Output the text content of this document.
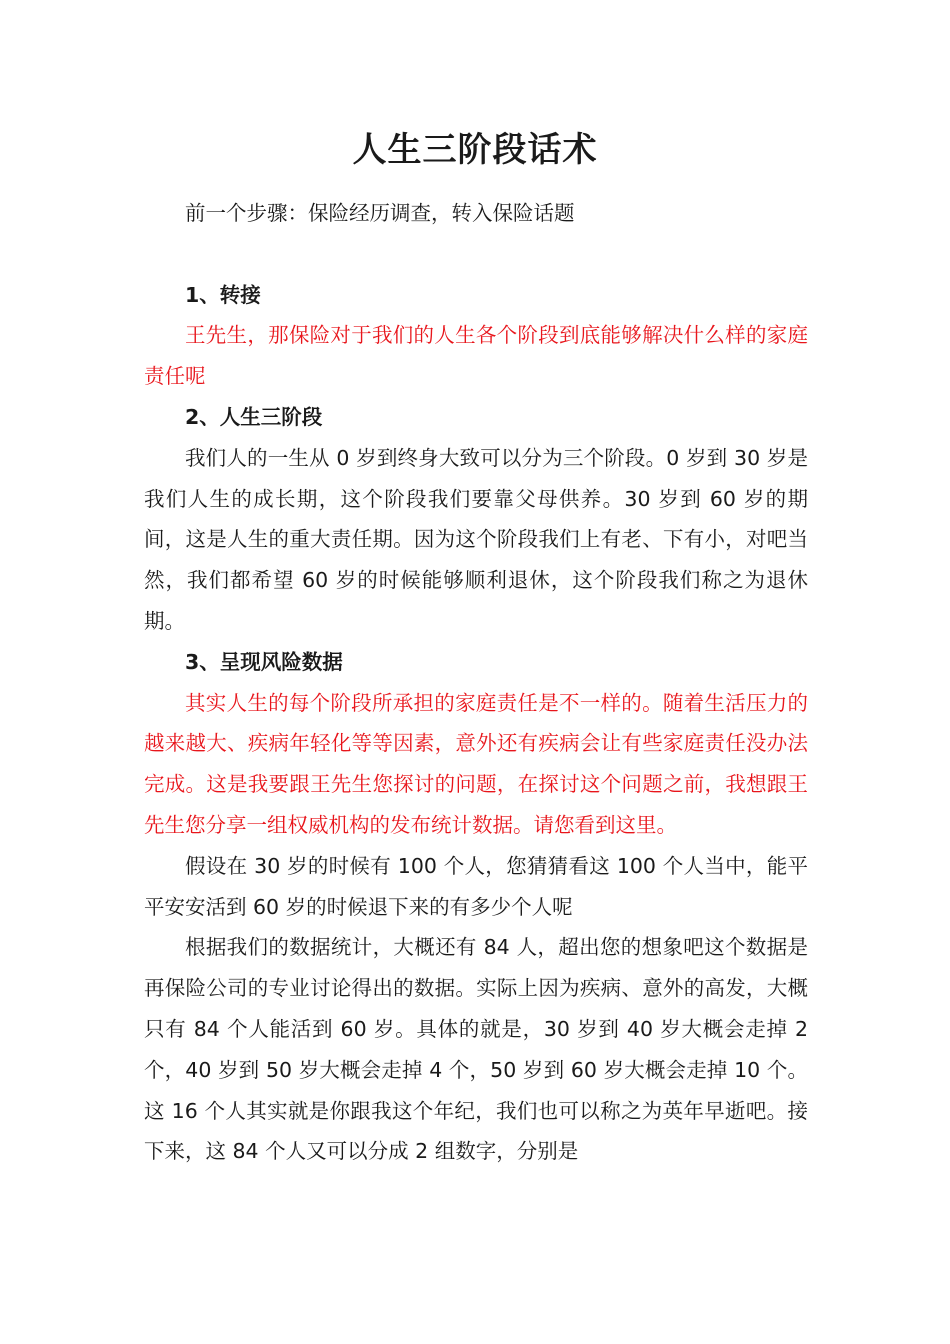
人生三阶段话术

前一个步骤：保险经历调查，转入保险话题

1、转接

王先生，那保险对于我们的人生各个阶段到底能够解决什么样的家庭责任呢

2、人生三阶段

我们人的一生从 0 岁到终身大致可以分为三个阶段。0 岁到 30 岁是我们人生的成长期，这个阶段我们要靠父母供养。30 岁到 60 岁的期间，这是人生的重大责任期。因为这个阶段我们上有老、下有小，对吧当然，我们都希望 60 岁的时候能够顺利退休，这个阶段我们称之为退休期。

3、呈现风险数据

其实人生的每个阶段所承担的家庭责任是不一样的。随着生活压力的越来越大、疾病年轻化等等因素，意外还有疾病会让有些家庭责任没办法完成。这是我要跟王先生您探讨的问题，在探讨这个问题之前，我想跟王先生您分享一组权威机构的发布统计数据。请您看到这里。

假设在 30 岁的时候有 100 个人，您猜猜看这 100 个人当中，能平平安安活到 60 岁的时候退下来的有多少个人呢

根据我们的数据统计，大概还有 84 人，超出您的想象吧这个数据是再保险公司的专业讨论得出的数据。实际上因为疾病、意外的高发，大概只有 84 个人能活到 60 岁。具体的就是，30 岁到 40 岁大概会走掉 2 个，40 岁到 50 岁大概会走掉 4 个，50 岁到 60 岁大概会走掉 10 个。这 16 个人其实就是你跟我这个年纪，我们也可以称之为英年早逝吧。接下来，这 84 个人又可以分成 2 组数字，分别是
